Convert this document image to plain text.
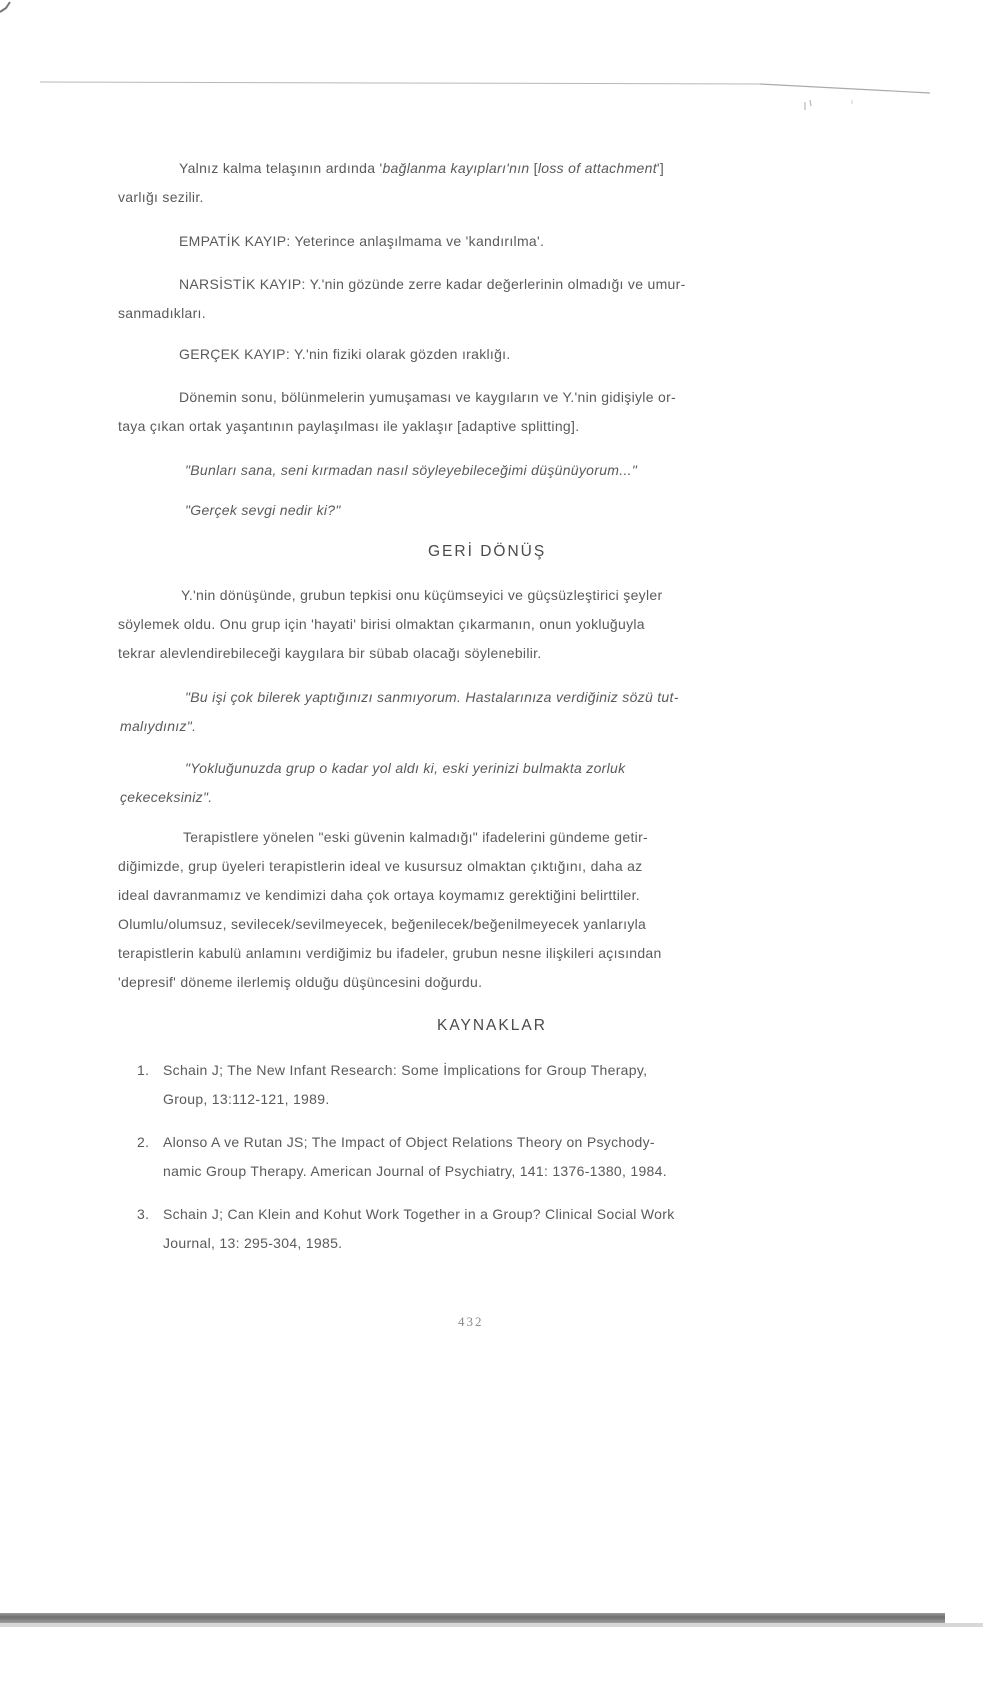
Yalnız kalma telaşının ardında 'bağlanma kayıpları'nın [loss of attachment']
varlığı sezilir.
EMPATİK KAYIP: Yeterince anlaşılmama ve 'kandırılma'.
NARSİSTİK KAYIP: Y.'nin gözünde zerre kadar değerlerinin olmadığı ve umur-
sanmadıkları.
GERÇEK KAYIP: Y.'nin fiziki olarak gözden ıraklığı.
Dönemin sonu, bölünmelerin yumuşaması ve kaygıların ve Y.'nin gidişiyle or-
taya çıkan ortak yaşantının paylaşılması ile yaklaşır [adaptive splitting].
"Bunları sana, seni kırmadan nasıl söyleyebileceğimi düşünüyorum..."
"Gerçek sevgi nedir ki?"
GERİ DÖNÜŞ
Y.'nin dönüşünde, grubun tepkisi onu küçümseyici ve güçsüzleştirici şeyler
söylemek oldu. Onu grup için 'hayati' birisi olmaktan çıkarmanın, onun yokluğuyla
tekrar alevlendirebileceği kaygılara bir sübab olacağı söylenebilir.
"Bu işi çok bilerek yaptığınızı sanmıyorum. Hastalarınıza verdiğiniz sözü tut-
malıydınız".
"Yokluğunuzda grup o kadar yol aldı ki, eski yerinizi bulmakta zorluk
çekeceksiniz".
Terapistlere yönelen "eski güvenin kalmadığı" ifadelerini gündeme getir-
diğimizde, grup üyeleri terapistlerin ideal ve kusursuz olmaktan çıktığını, daha az
ideal davranmamız ve kendimizi daha çok ortaya koymamız gerektiğini belirttiler.
Olumlu/olumsuz, sevilecek/sevilmeyecek, beğenilecek/beğenilmeyecek yanlarıyla
terapistlerin kabulü anlamını verdiğimiz bu ifadeler, grubun nesne ilişkileri açısından
'depresif' döneme ilerlemiş olduğu düşüncesini doğurdu.
KAYNAKLAR
1. Schain J; The New Infant Research: Some İmplications for Group Therapy,
Group, 13:112-121, 1989.
2. Alonso A ve Rutan JS; The Impact of Object Relations Theory on Psychody-
namic Group Therapy. American Journal of Psychiatry, 141: 1376-1380, 1984.
3. Schain J; Can Klein and Kohut Work Together in a Group? Clinical Social Work
Journal, 13: 295-304, 1985.
432
